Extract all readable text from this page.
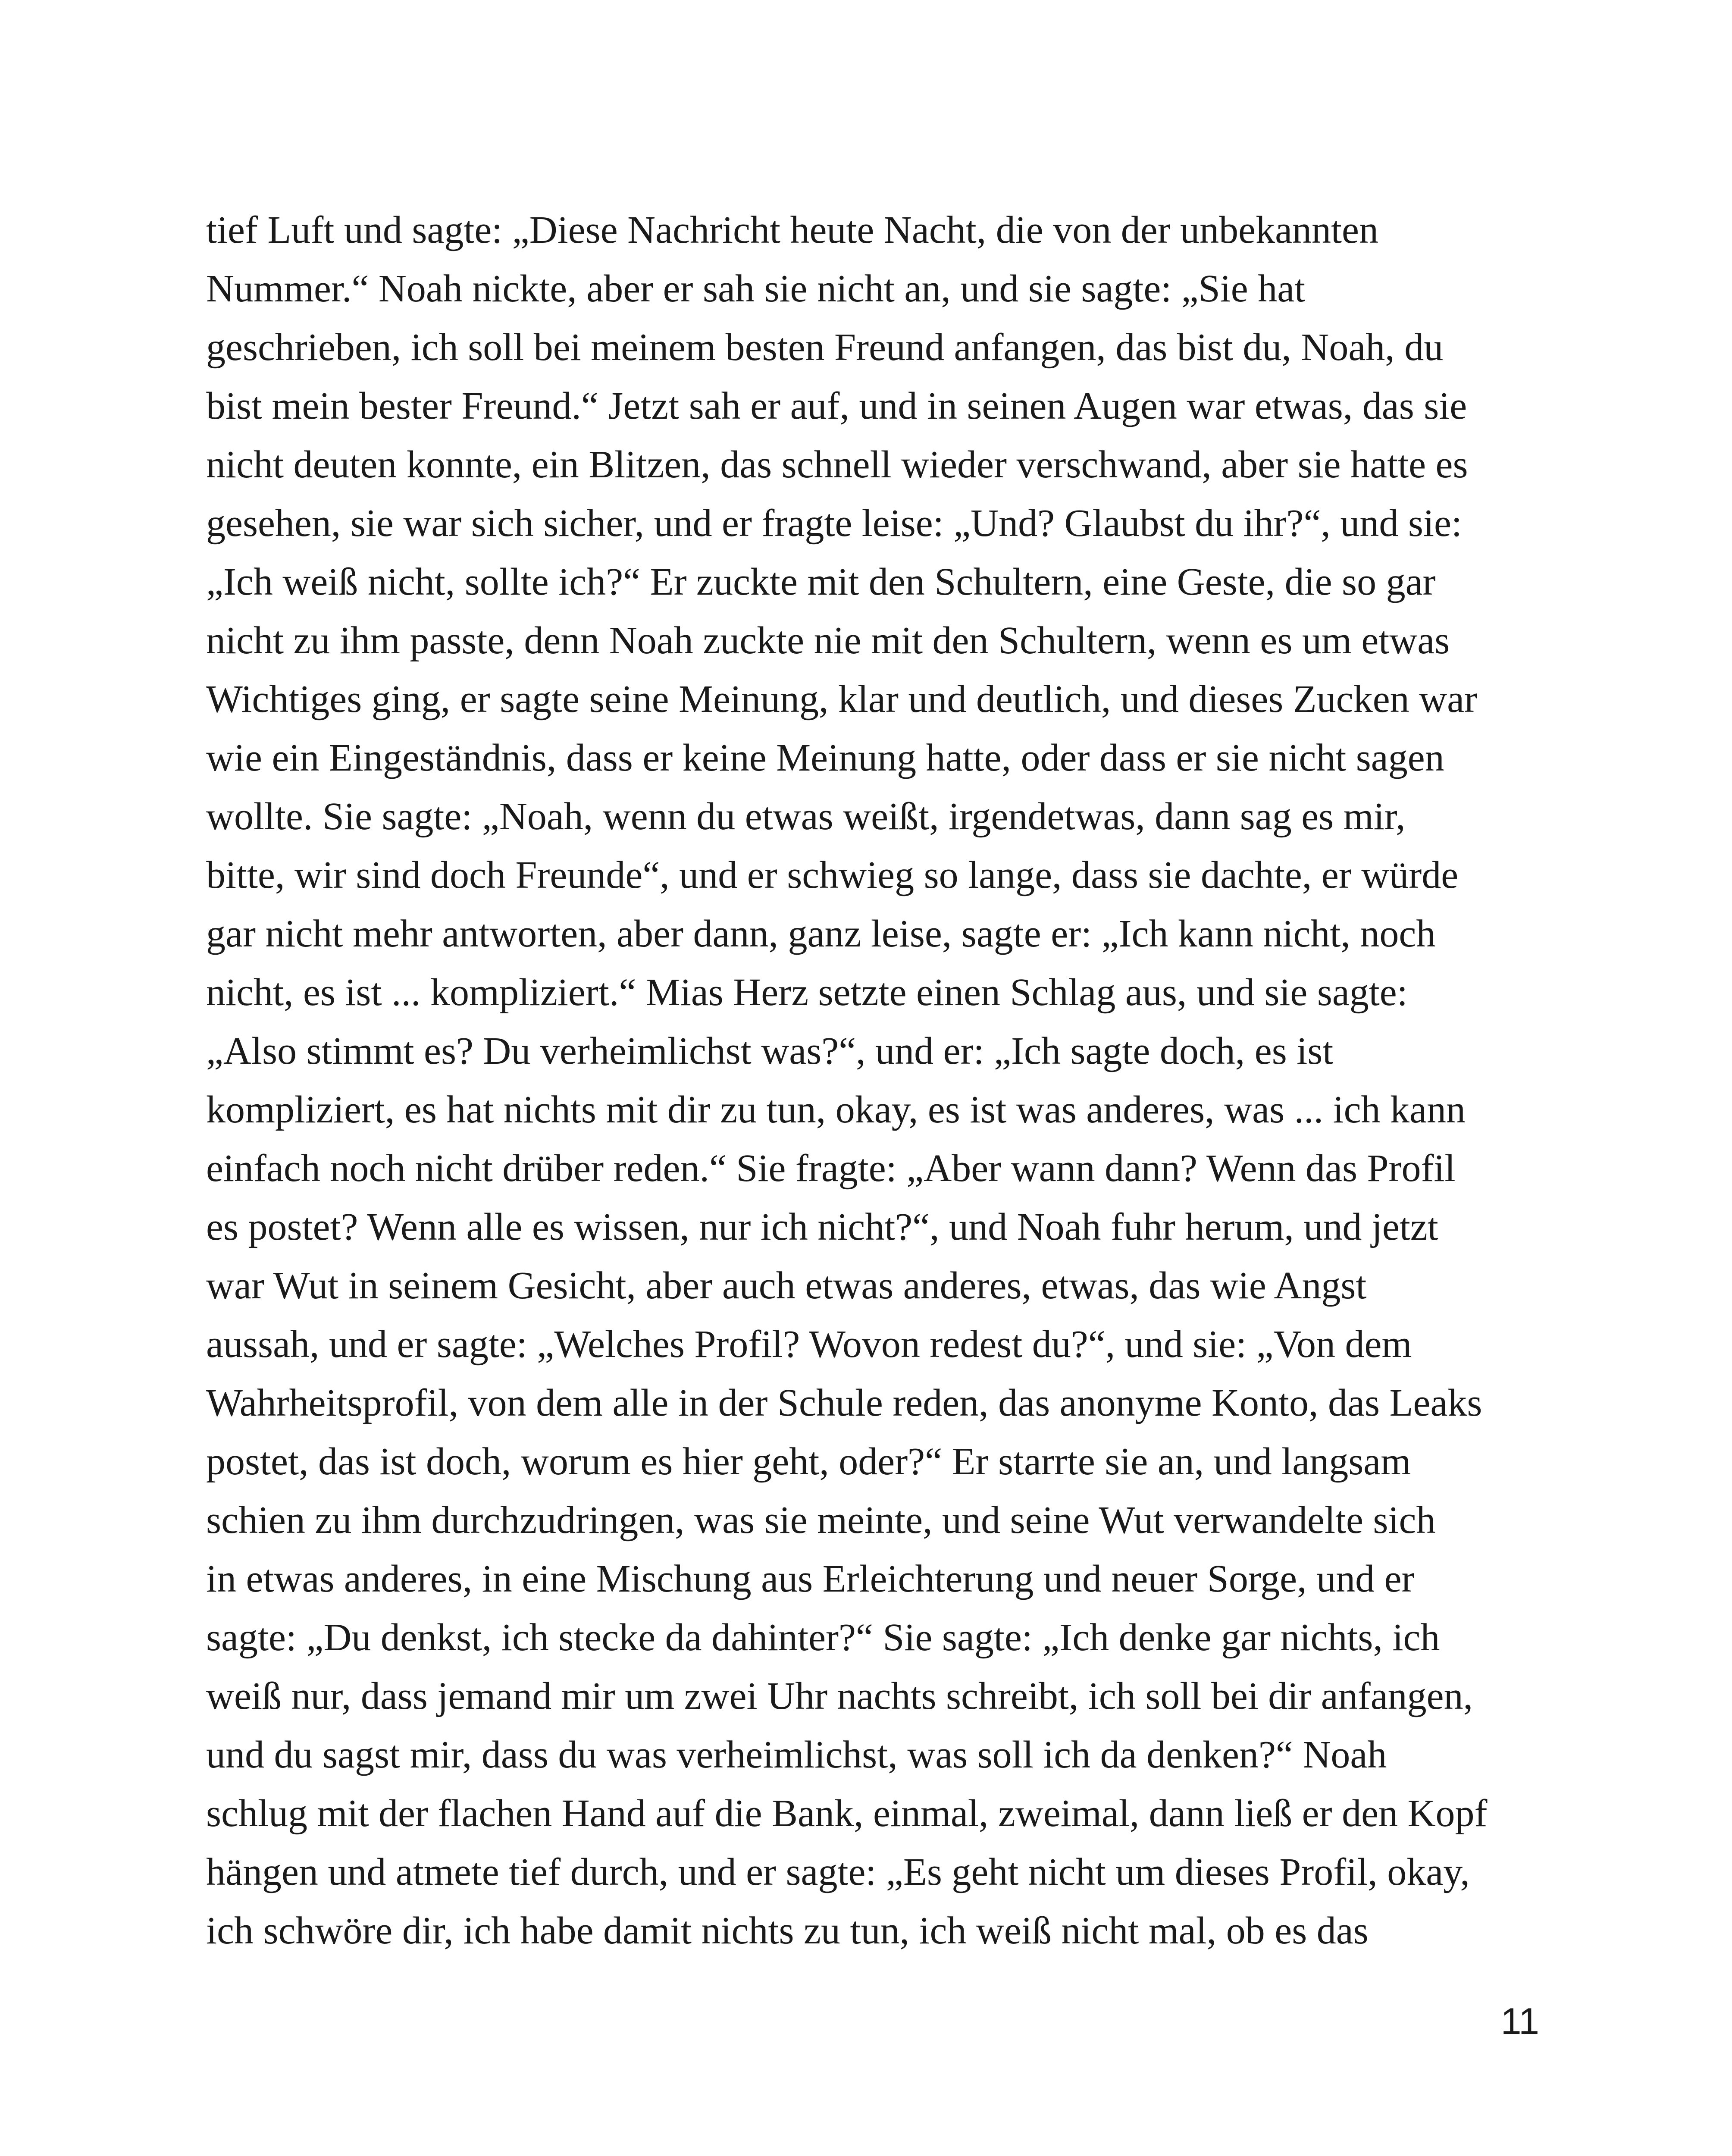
tief Luft und sagte: „Diese Nachricht heute Nacht, die von der unbekannten
Nummer.“ Noah nickte, aber er sah sie nicht an, und sie sagte: „Sie hat
geschrieben, ich soll bei meinem besten Freund anfangen, das bist du, Noah, du
bist mein bester Freund.“ Jetzt sah er auf, und in seinen Augen war etwas, das sie
nicht deuten konnte, ein Blitzen, das schnell wieder verschwand, aber sie hatte es
gesehen, sie war sich sicher, und er fragte leise: „Und? Glaubst du ihr?“, und sie:
„Ich weiß nicht, sollte ich?“ Er zuckte mit den Schultern, eine Geste, die so gar
nicht zu ihm passte, denn Noah zuckte nie mit den Schultern, wenn es um etwas
Wichtiges ging, er sagte seine Meinung, klar und deutlich, und dieses Zucken war
wie ein Eingeständnis, dass er keine Meinung hatte, oder dass er sie nicht sagen
wollte. Sie sagte: „Noah, wenn du etwas weißt, irgendetwas, dann sag es mir,
bitte, wir sind doch Freunde“, und er schwieg so lange, dass sie dachte, er würde
gar nicht mehr antworten, aber dann, ganz leise, sagte er: „Ich kann nicht, noch
nicht, es ist ... kompliziert.“ Mias Herz setzte einen Schlag aus, und sie sagte:
„Also stimmt es? Du verheimlichst was?“, und er: „Ich sagte doch, es ist
kompliziert, es hat nichts mit dir zu tun, okay, es ist was anderes, was ... ich kann
einfach noch nicht drüber reden.“ Sie fragte: „Aber wann dann? Wenn das Profil
es postet? Wenn alle es wissen, nur ich nicht?“, und Noah fuhr herum, und jetzt
war Wut in seinem Gesicht, aber auch etwas anderes, etwas, das wie Angst
aussah, und er sagte: „Welches Profil? Wovon redest du?“, und sie: „Von dem
Wahrheitsprofil, von dem alle in der Schule reden, das anonyme Konto, das Leaks
postet, das ist doch, worum es hier geht, oder?“ Er starrte sie an, und langsam
schien zu ihm durchzudringen, was sie meinte, und seine Wut verwandelte sich
in etwas anderes, in eine Mischung aus Erleichterung und neuer Sorge, und er
sagte: „Du denkst, ich stecke da dahinter?“ Sie sagte: „Ich denke gar nichts, ich
weiß nur, dass jemand mir um zwei Uhr nachts schreibt, ich soll bei dir anfangen,
und du sagst mir, dass du was verheimlichst, was soll ich da denken?“ Noah
schlug mit der flachen Hand auf die Bank, einmal, zweimal, dann ließ er den Kopf
hängen und atmete tief durch, und er sagte: „Es geht nicht um dieses Profil, okay,
ich schwöre dir, ich habe damit nichts zu tun, ich weiß nicht mal, ob es das
11
